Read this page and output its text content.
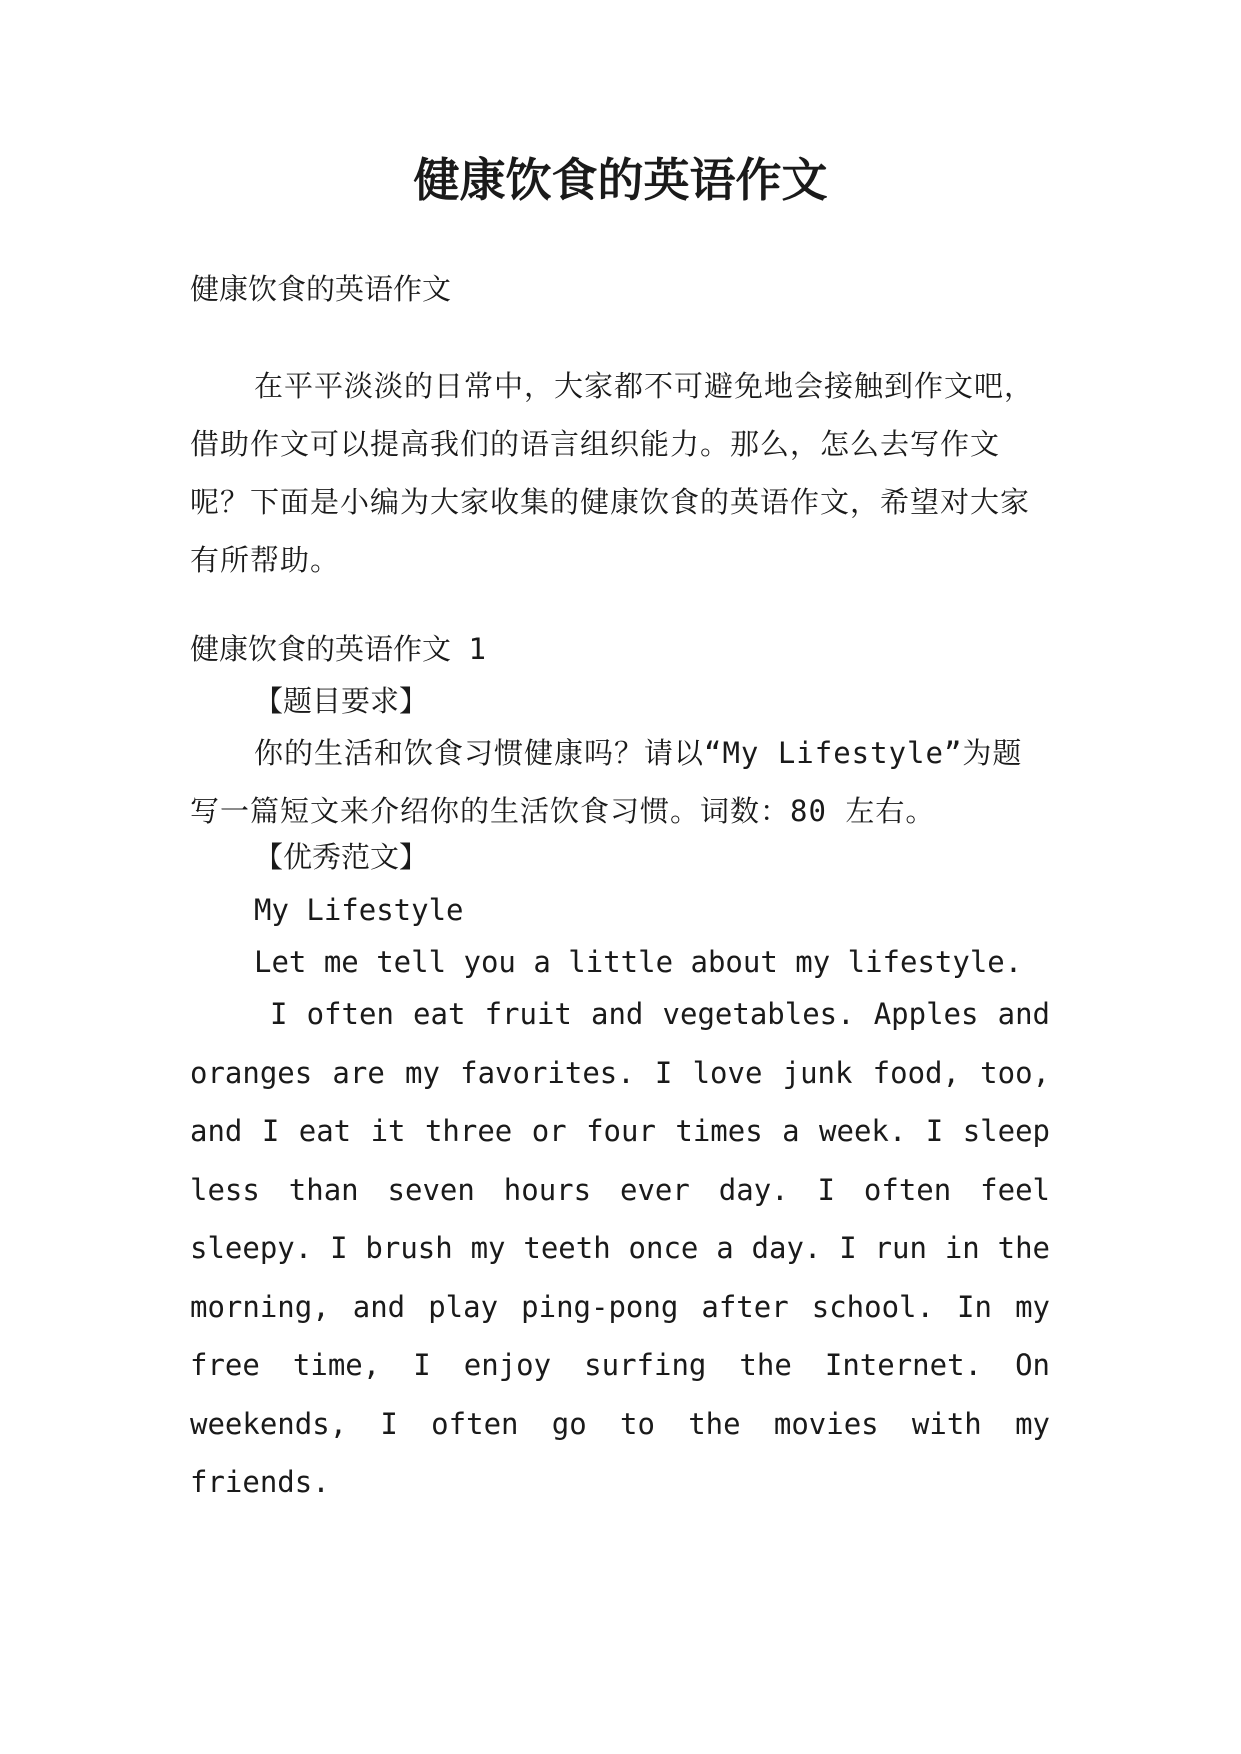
健康饮食的英语作文

健康饮食的英语作文

在平平淡淡的日常中，大家都不可避免地会接触到作文吧，借助作文可以提高我们的语言组织能力。那么，怎么去写作文呢？下面是小编为大家收集的健康饮食的英语作文，希望对大家有所帮助。

健康饮食的英语作文 1

【题目要求】

你的生活和饮食习惯健康吗？请以“My Lifestyle”为题写一篇短文来介绍你的生活饮食习惯。词数：80 左右。

【优秀范文】

My Lifestyle

Let me tell you a little about my lifestyle.

I often eat fruit and vegetables. Apples and oranges are my favorites. I love junk food, too, and I eat it three or four times a week. I sleep less than seven hours ever day. I often feel sleepy. I brush my teeth once a day. I run in the morning, and play ping-pong after school. In my free time, I enjoy surfing the Internet. On weekends, I often go to the movies with my friends.
